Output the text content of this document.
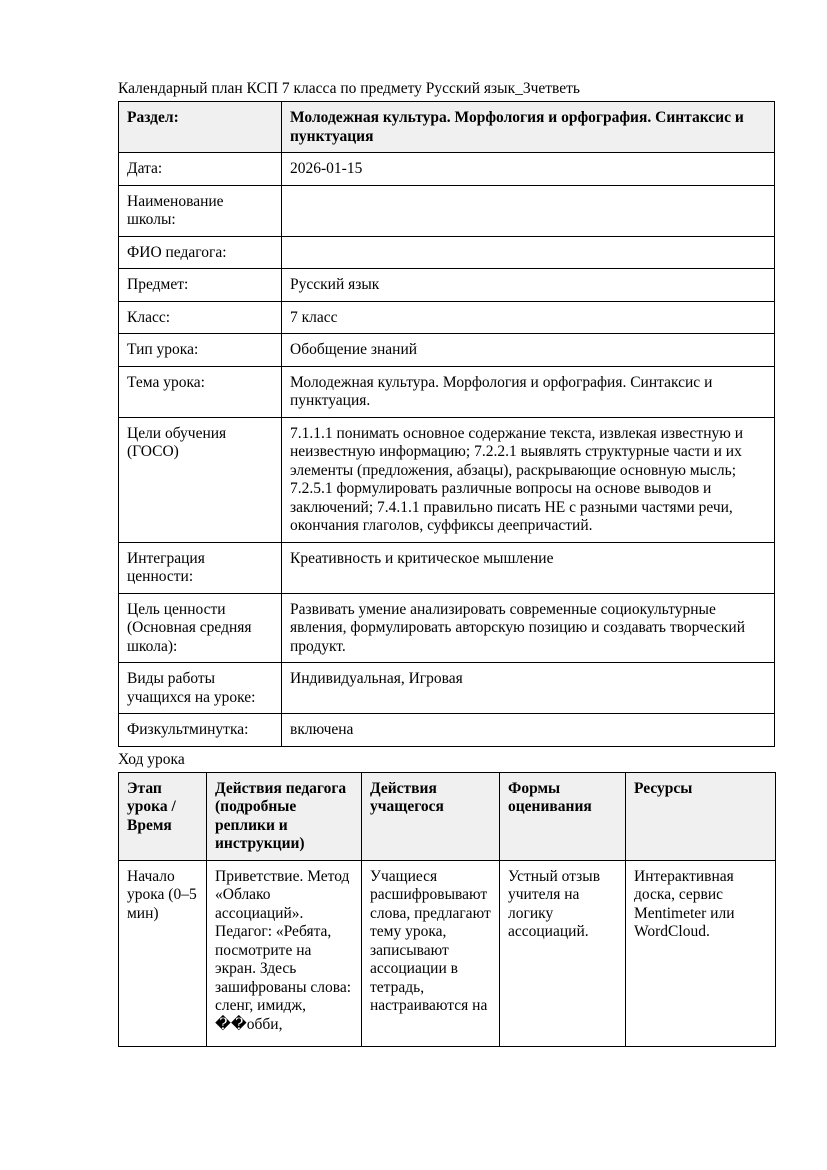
Календарный план КСП 7 класса по предмету Русский язык_3четветь
Раздел:	Молодежная культура. Морфология и орфография. Синтаксис и пунктуация
Дата:	2026-01-15
Наименование школы:	
ФИО педагога:	
Предмет:	Русский язык
Класс:	7 класс
Тип урока:	Обобщение знаний
Тема урока:	Молодежная культура. Морфология и орфография. Синтаксис и пунктуация.
Цели обучения (ГОСО)	7.1.1.1 понимать основное содержание текста, извлекая известную и неизвестную информацию; 7.2.2.1 выявлять структурные части и их элементы (предложения, абзацы), раскрывающие основную мысль; 7.2.5.1 формулировать различные вопросы на основе выводов и заключений; 7.4.1.1 правильно писать НЕ с разными частями речи, окончания глаголов, суффиксы деепричастий.
Интеграция ценности:	Креативность и критическое мышление
Цель ценности (Основная средняя школа):	Развивать умение анализировать современные социокультурные явления, формулировать авторскую позицию и создавать творческий продукт.
Виды работы учащихся на уроке:	Индивидуальная, Игровая
Физкультминутка:	включена
Ход урока
Этап урока / Время	Действия педагога (подробные реплики и инструкции)	Действия учащегося	Формы оценивания	Ресурсы
Начало урока (0–5 мин)	Приветствие. Метод «Облако ассоциаций». Педагог: «Ребята, посмотрите на экран. Здесь зашифрованы слова: сленг, имидж, ��обби,	Учащиеся расшифровывают слова, предлагают тему урока, записывают ассоциации в тетрадь, настраиваются на	Устный отзыв учителя на логику ассоциаций.	Интерактивная доска, сервис Mentimeter или WordCloud.
